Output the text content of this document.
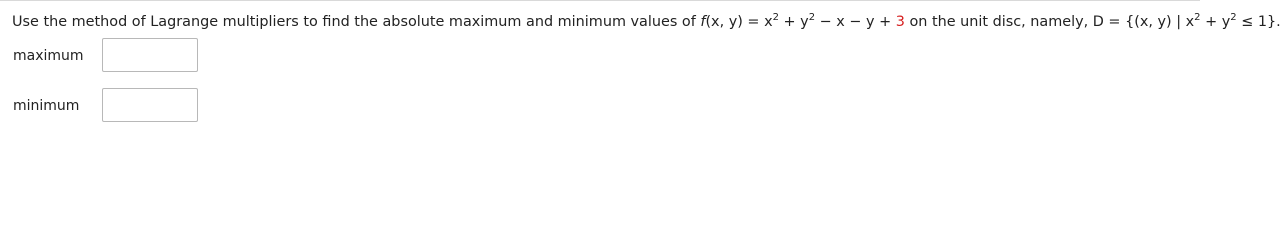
Use the method of Lagrange multipliers to find the absolute maximum and minimum values of f(x, $y) = x^2 + y^2 - x - y + 3$ on the unit disc, namely, D = {(x, y) | $x^2 + y^2 \le 1$}.
maximum
minimum
